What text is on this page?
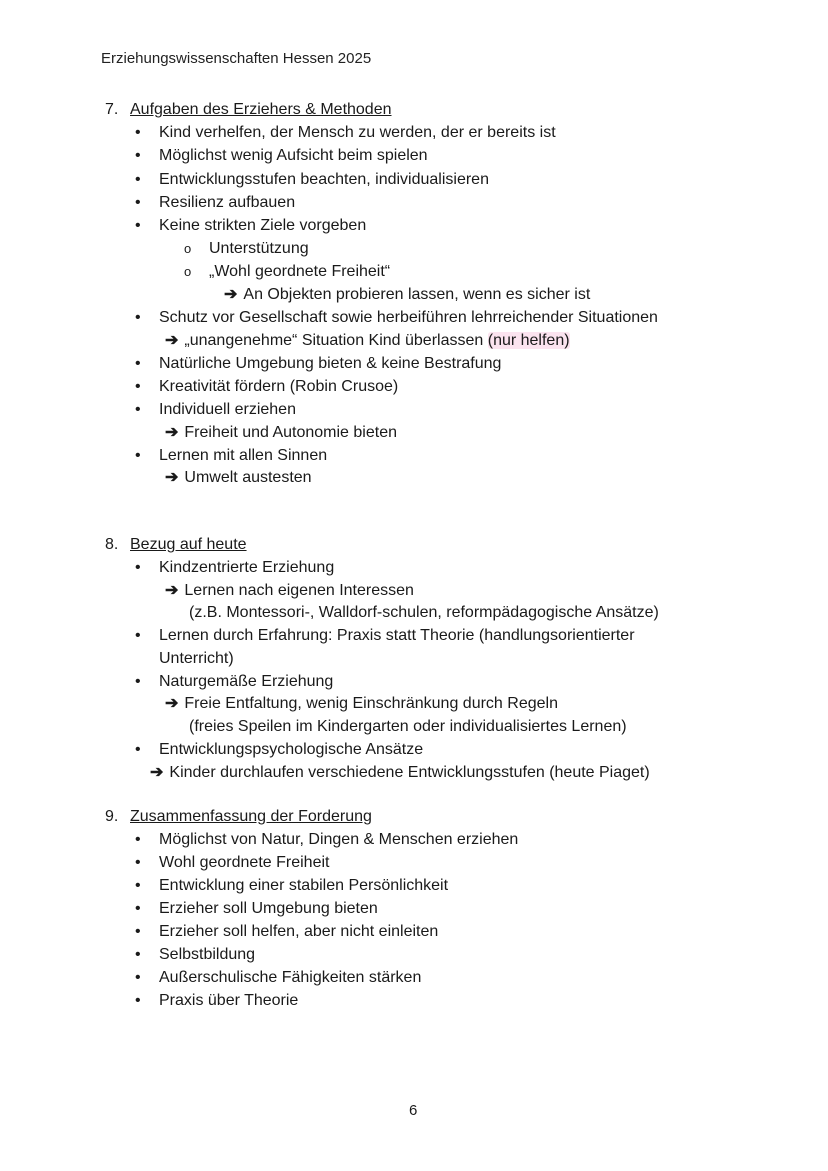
Erziehungswissenschaften Hessen 2025
7. Aufgaben des Erziehers & Methoden
•
Kind verhelfen, der Mensch zu werden, der er bereits ist
•
Möglichst wenig Aufsicht beim spielen
•
Entwicklungsstufen beachten, individualisieren
•
Resilienz aufbauen
•
Keine strikten Ziele vorgeben
o Unterstützung
o „Wohl geordnete Freiheit“
➔ An Objekten probieren lassen, wenn es sicher ist
•
Schutz vor Gesellschaft sowie herbeiführen lehrreichender Situationen
➔ „unangenehme“ Situation Kind überlassen (nur helfen)
•
Natürliche Umgebung bieten & keine Bestrafung
•
Kreativität fördern (Robin Crusoe)
•
Individuell erziehen
➔ Freiheit und Autonomie bieten
•
Lernen mit allen Sinnen
➔ Umwelt austesten
8. Bezug auf heute
•
Kindzentrierte Erziehung
➔ Lernen nach eigenen Interessen
(z.B. Montessori-, Walldorf-schulen, reformpädagogische Ansätze)
•
Lernen durch Erfahrung: Praxis statt Theorie (handlungsorientierter
Unterricht)
•
Naturgemäße Erziehung
➔ Freie Entfaltung, wenig Einschränkung durch Regeln
(freies Speilen im Kindergarten oder individualisiertes Lernen)
•
Entwicklungspsychologische Ansätze
➔ Kinder durchlaufen verschiedene Entwicklungsstufen (heute Piaget)
9. Zusammenfassung der Forderung
•
Möglichst von Natur, Dingen & Menschen erziehen
•
Wohl geordnete Freiheit
•
Entwicklung einer stabilen Persönlichkeit
•
Erzieher soll Umgebung bieten
•
Erzieher soll helfen, aber nicht einleiten
•
Selbstbildung
•
Außerschulische Fähigkeiten stärken
•
Praxis über Theorie
6
